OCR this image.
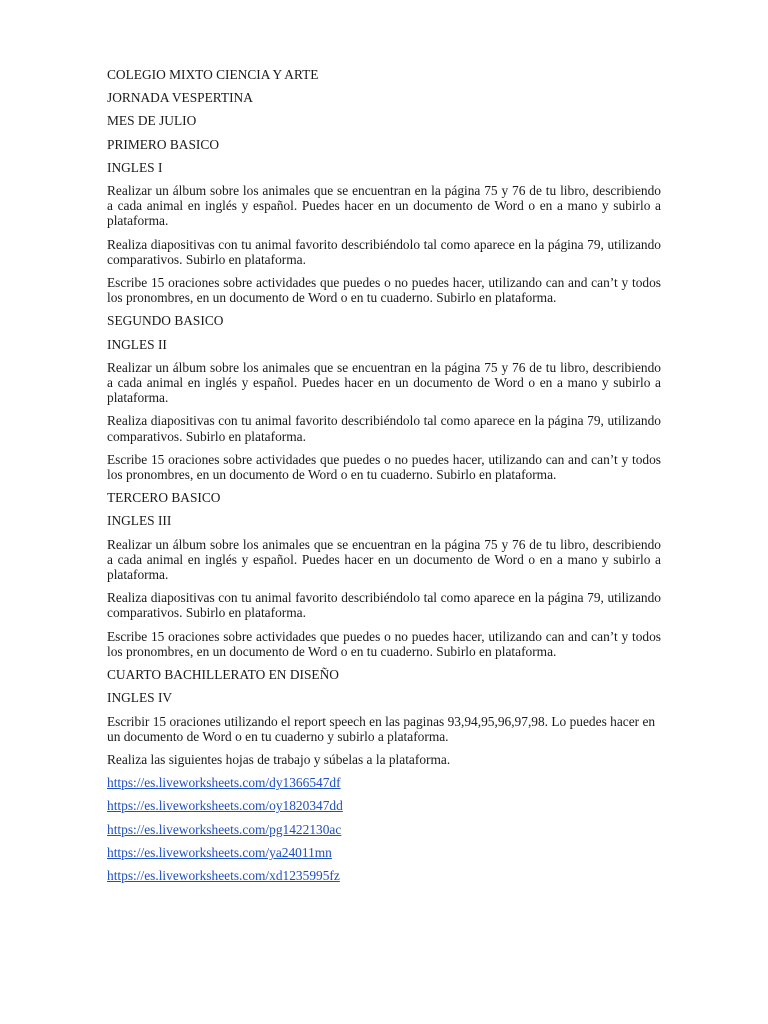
COLEGIO MIXTO CIENCIA Y ARTE

JORNADA VESPERTINA

MES DE JULIO

PRIMERO BASICO

INGLES I

Realizar un álbum sobre los animales que se encuentran en la página 75 y 76 de tu libro, describiendo a cada animal en inglés y español. Puedes hacer en un documento de Word o en a mano y subirlo a plataforma.

Realiza diapositivas con tu animal favorito describiéndolo tal como aparece en la página 79, utilizando comparativos. Subirlo en plataforma.

Escribe 15 oraciones sobre actividades que puedes o no puedes hacer, utilizando can and can’t y todos los pronombres, en un documento de Word o en tu cuaderno. Subirlo en plataforma.

SEGUNDO BASICO

INGLES II

Realizar un álbum sobre los animales que se encuentran en la página 75 y 76 de tu libro, describiendo a cada animal en inglés y español. Puedes hacer en un documento de Word o en a mano y subirlo a plataforma.

Realiza diapositivas con tu animal favorito describiéndolo tal como aparece en la página 79, utilizando comparativos. Subirlo en plataforma.

Escribe 15 oraciones sobre actividades que puedes o no puedes hacer, utilizando can and can’t y todos los pronombres, en un documento de Word o en tu cuaderno. Subirlo en plataforma.

TERCERO BASICO

INGLES III

Realizar un álbum sobre los animales que se encuentran en la página 75 y 76 de tu libro, describiendo a cada animal en inglés y español. Puedes hacer en un documento de Word o en a mano y subirlo a plataforma.

Realiza diapositivas con tu animal favorito describiéndolo tal como aparece en la página 79, utilizando comparativos. Subirlo en plataforma.

Escribe 15 oraciones sobre actividades que puedes o no puedes hacer, utilizando can and can’t y todos los pronombres, en un documento de Word o en tu cuaderno. Subirlo en plataforma.

CUARTO BACHILLERATO EN DISEÑO

INGLES IV

Escribir 15 oraciones utilizando el report speech en las paginas 93,94,95,96,97,98. Lo puedes hacer en un documento de Word o en tu cuaderno y subirlo a plataforma.

Realiza las siguientes hojas de trabajo y súbelas a la plataforma.

https://es.liveworksheets.com/dy1366547df
https://es.liveworksheets.com/oy1820347dd
https://es.liveworksheets.com/pg1422130ac
https://es.liveworksheets.com/ya24011mn
https://es.liveworksheets.com/xd1235995fz
